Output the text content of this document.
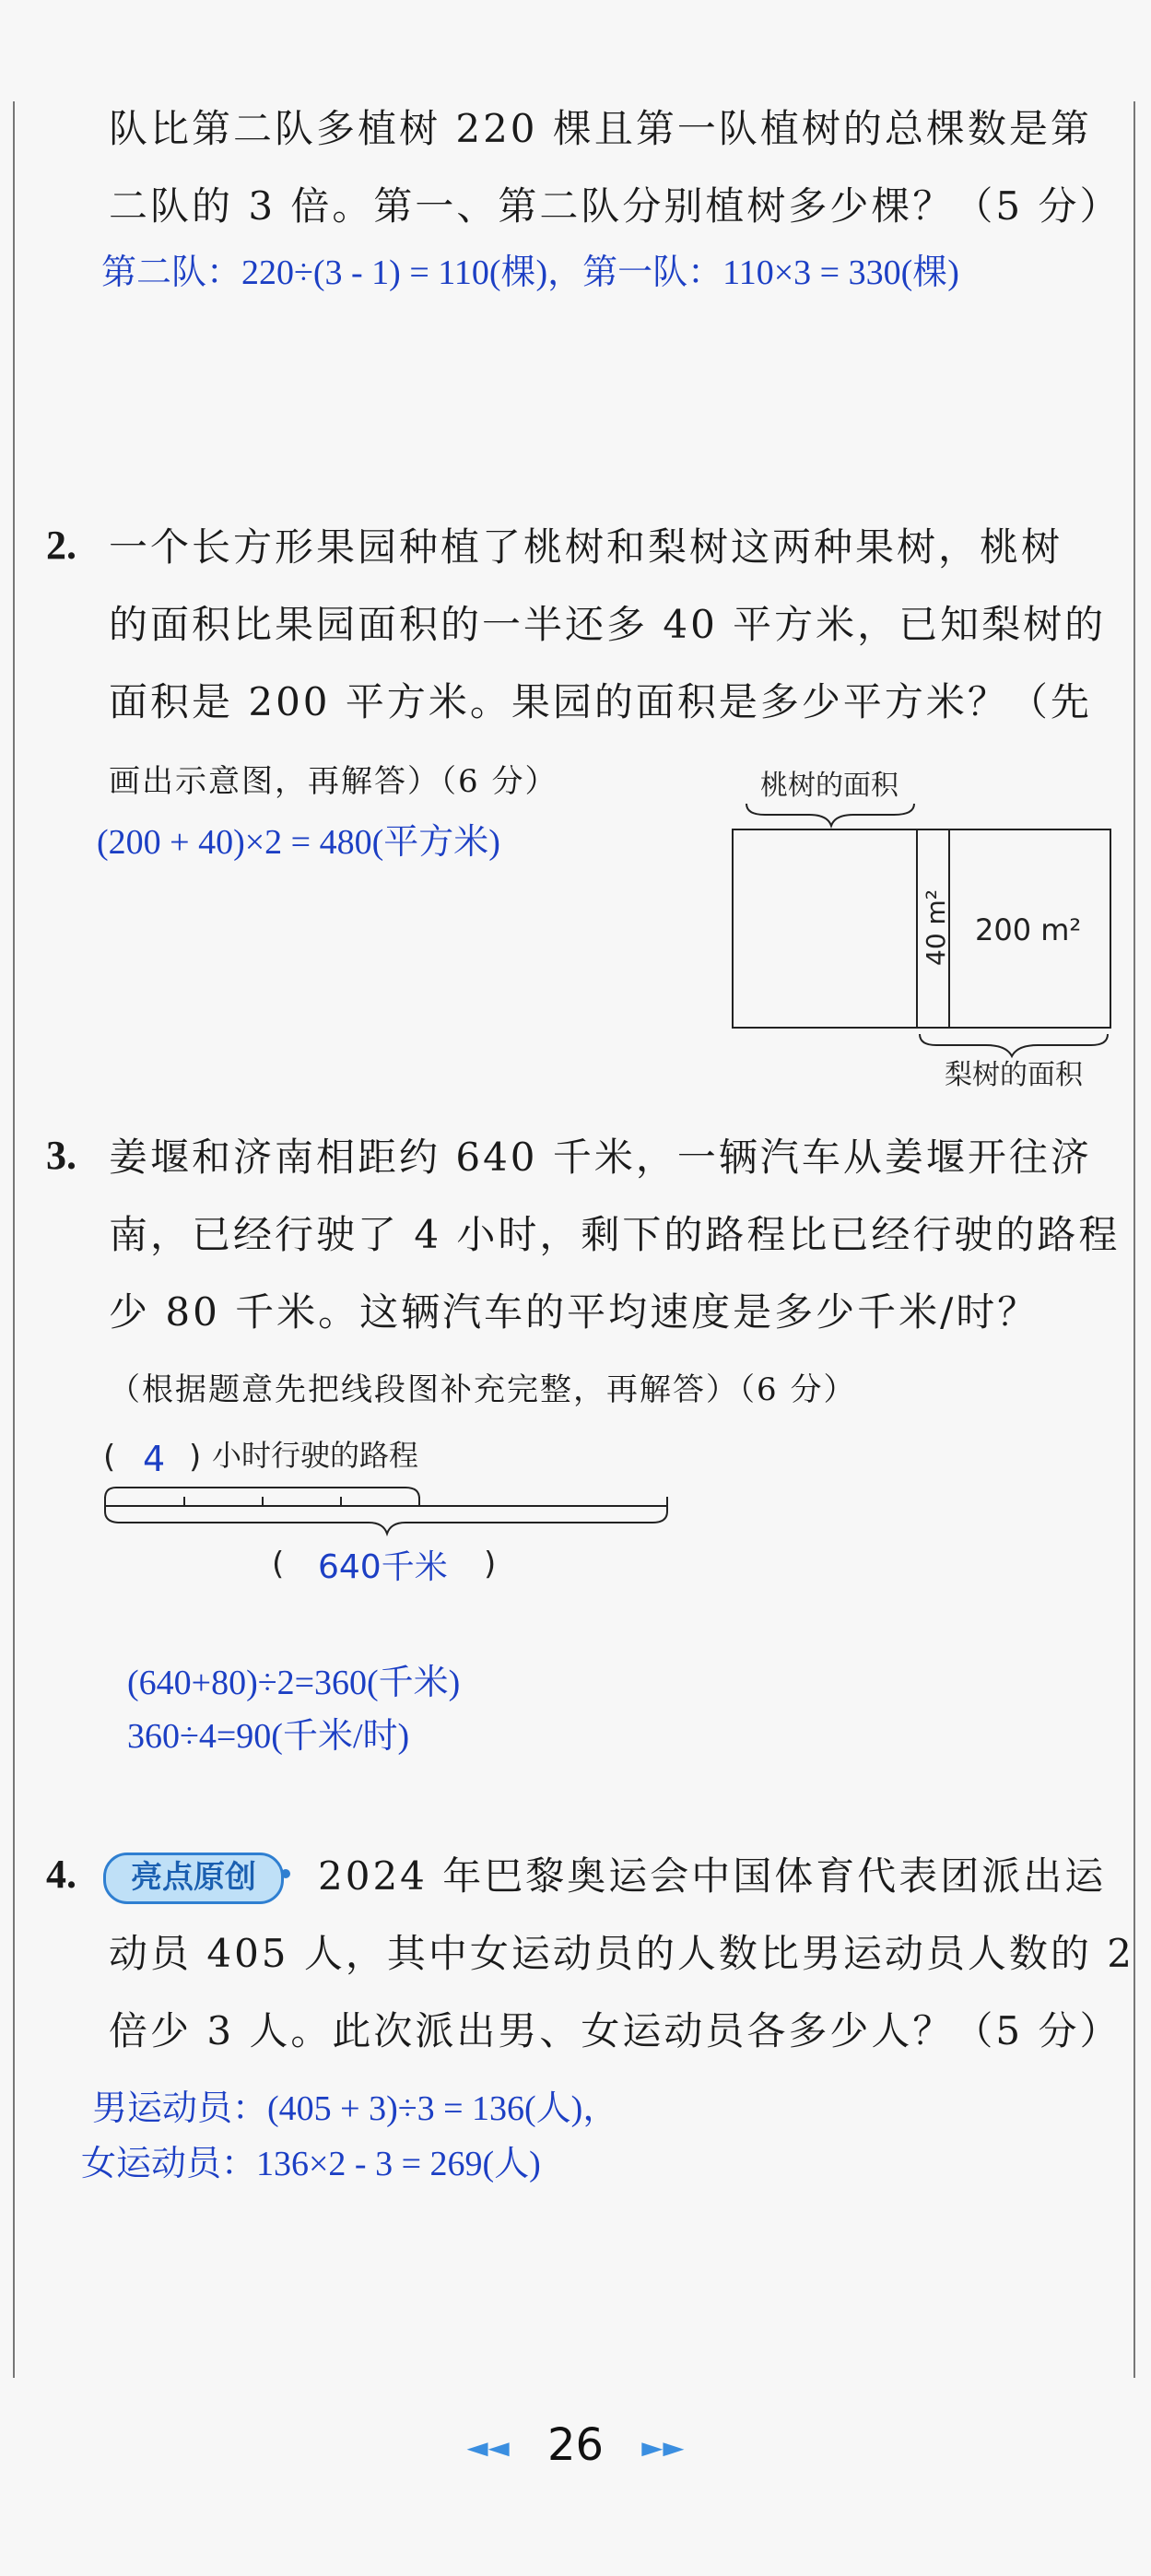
队比第二队多植树 220 棵且第一队植树的总棵数是第
二队的 3 倍。第一、第二队分别植树多少棵？（5 分）
第二队：220÷(3 - 1) = 110(棵)，第一队：110×3 = 330(棵)
2. 一个长方形果园种植了桃树和梨树这两种果树，桃树
的面积比果园面积的一半还多 40 平方米，已知梨树的
面积是 200 平方米。果园的面积是多少平方米？（先
画出示意图，再解答）（6 分）
(200 + 40)×2 = 480(平方米)
桃树的面积
40 m² 200 m²
梨树的面积
3. 姜堰和济南相距约 640 千米，一辆汽车从姜堰开往济
南，已经行驶了 4 小时，剩下的路程比已经行驶的路程
少 80 千米。这辆汽车的平均速度是多少千米/时？
（根据题意先把线段图补充完整，再解答）（6 分）
( 4 ) 小时行驶的路程
( 640千米 )
(640+80)÷2=360(千米)
360÷4=90(千米/时)
4.	亮点原创	2024 年巴黎奥运会中国体育代表团派出运
动员 405 人，其中女运动员的人数比男运动员人数的 2
倍少 3 人。此次派出男、女运动员各多少人？（5 分）
男运动员：(405 + 3)÷3 = 136(人)，
女运动员：136×2 - 3 = 269(人)
◄◄ 26 ►►
